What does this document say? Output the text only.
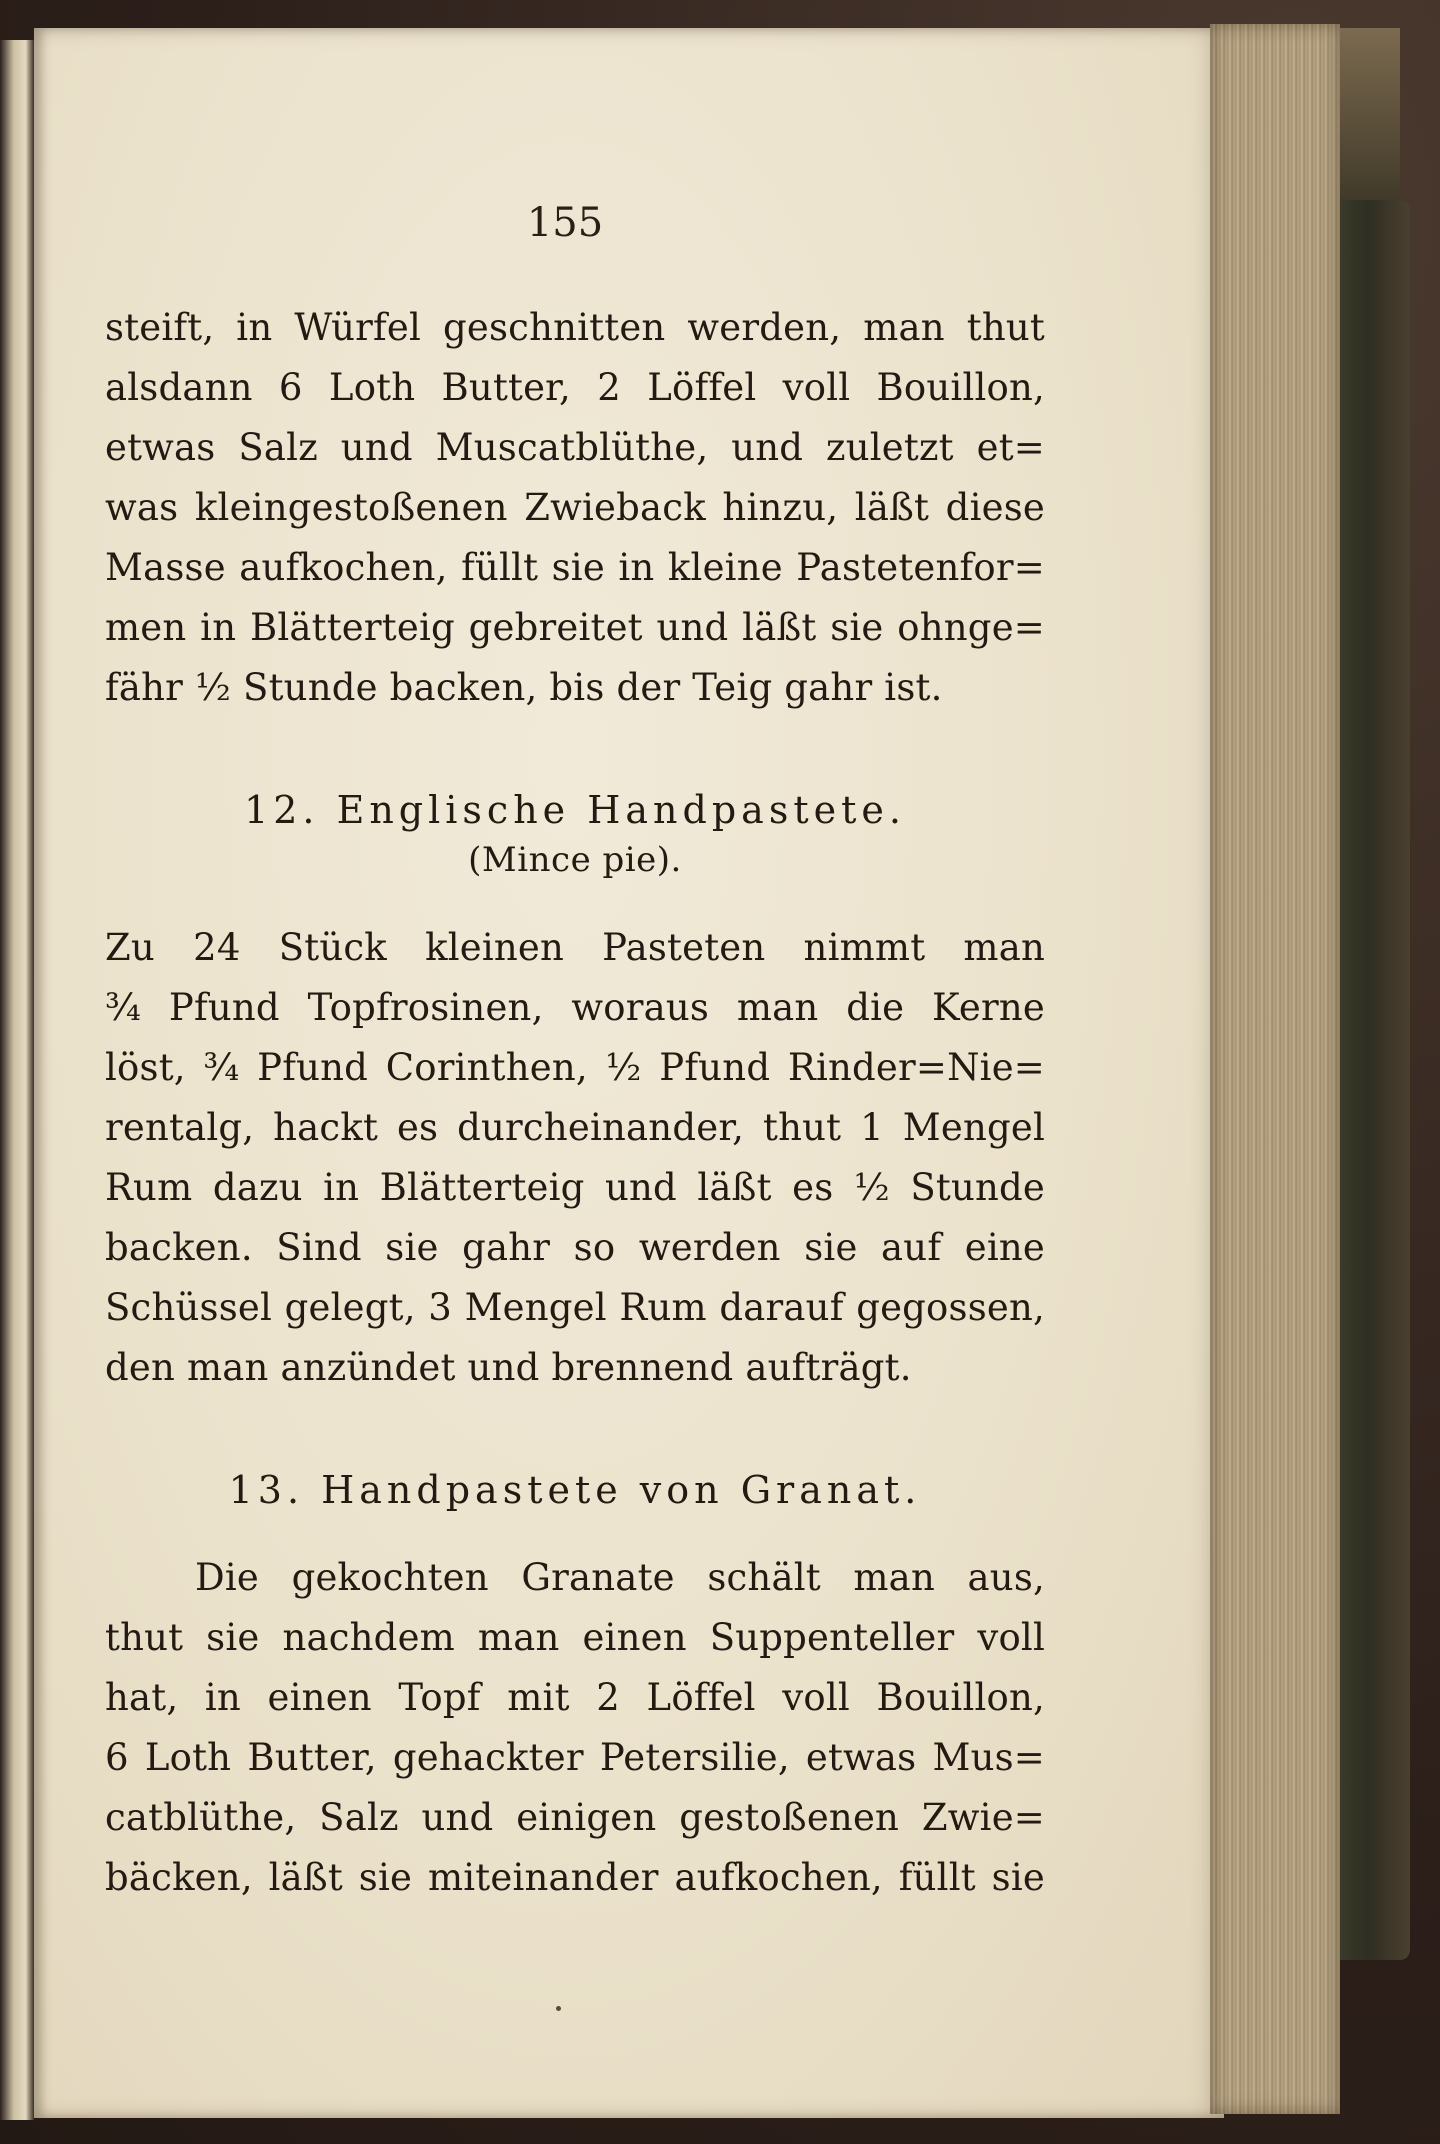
155
steift, in Würfel geschnitten werden, man thut
alsdann 6 Loth Butter, 2 Löffel voll Bouillon,
etwas Salz und Muscatblüthe, und zuletzt et=
was kleingestoßenen Zwieback hinzu, läßt diese
Masse aufkochen, füllt sie in kleine Pastetenfor=
men in Blätterteig gebreitet und läßt sie ohnge=
fähr ½ Stunde backen, bis der Teig gahr ist.
12. Englische Handpastete.
(Mince pie).
Zu 24 Stück kleinen Pasteten nimmt man
¾ Pfund Topfrosinen, woraus man die Kerne
löst, ¾ Pfund Corinthen, ½ Pfund Rinder=Nie=
rentalg, hackt es durcheinander, thut 1 Mengel
Rum dazu in Blätterteig und läßt es ½ Stunde
backen. Sind sie gahr so werden sie auf eine
Schüssel gelegt, 3 Mengel Rum darauf gegossen,
den man anzündet und brennend aufträgt.
13. Handpastete von Granat.
Die gekochten Granate schält man aus,
thut sie nachdem man einen Suppenteller voll
hat, in einen Topf mit 2 Löffel voll Bouillon,
6 Loth Butter, gehackter Petersilie, etwas Mus=
catblüthe, Salz und einigen gestoßenen Zwie=
bäcken, läßt sie miteinander aufkochen, füllt sie
